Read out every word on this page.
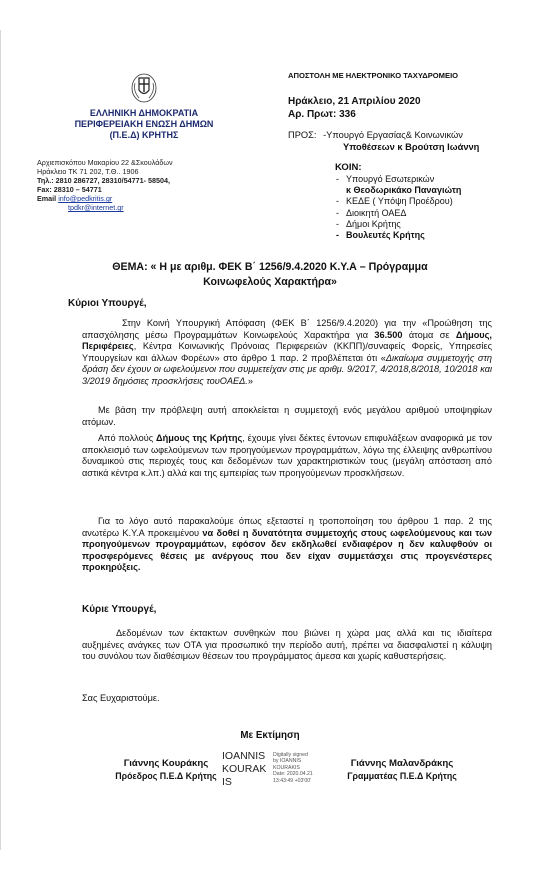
ΕΛΛΗΝΙΚΗ ΔΗΜΟΚΡΑΤΙΑ
ΠΕΡΙΦΕΡΕΙΑΚΗ ΕΝΩΣΗ ΔΗΜΩΝ
(Π.Ε.Δ) ΚΡΗΤΗΣ
Αρχιεπισκόπου Μακαρίου 22 &Σκουλάδων
Ηράκλειο ΤΚ 71 202, Τ.Θ.. 1906
Τηλ.: 2810 286727, 28310/54771- 58504,
Fax: 28310 – 54771
Email info@pedkritis.gr
tpdkr@internet.gr
ΑΠΟΣΤΟΛΗ ΜΕ ΗΛΕΚΤΡΟΝΙΚΟ ΤΑΧΥΔΡΟΜΕΙΟ
Ηράκλειο, 21 Απριλίου 2020
Αρ. Πρωτ: 336
ΠΡΟΣ: -Υπουργό Εργασίας& Κοινωνικών
Υποθέσεων κ Βρούτση Ιωάννη
ΚΟΙΝ:
- Υπουργό Εσωτερικών
κ Θεοδωρικάκο Παναγιώτη
- ΚΕΔΕ ( Υπόψη Προέδρου)
- Διοικητή ΟΑΕΔ
- Δήμοι Κρήτης
- Βουλευτές Κρήτης
ΘΕΜΑ: « Η με αριθμ. ΦΕΚ Β΄ 1256/9.4.2020 Κ.Υ.Α – Πρόγραμμα
Κοινωφελούς Χαρακτήρα»
Κύριοι Υπουργέ,

Στην Κοινή Υπουργική Απόφαση (ΦΕΚ Β΄ 1256/9.4.2020) για την «Προώθηση της απασχόλησης μέσω Προγραμμάτων Κοινωφελούς Χαρακτήρα για 36.500 άτομα σε Δήμους, Περιφέρειες, Κέντρα Κοινωνικής Πρόνοιας Περιφερειών (ΚΚΠΠ)/συναφείς Φορείς, Υπηρεσίες Υπουργείων και άλλων Φορέων» στο άρθρο 1 παρ. 2 προβλέπεται ότι «Δικαίωμα συμμετοχής στη δράση δεν έχουν οι ωφελούμενοι που συμμετείχαν στις με αριθμ. 9/2017, 4/2018,8/2018, 10/2018 και 3/2019 δημόσιες προσκλήσεις τουΟΑΕΔ.»

Με βάση την πρόβλεψη αυτή αποκλείεται η συμμετοχή ενός μεγάλου αριθμού υποψηφίων ατόμων.

Από πολλούς Δήμους της Κρήτης, έχουμε γίνει δέκτες έντονων επιφυλάξεων αναφορικά με τον αποκλεισμό των ωφελούμενων των προηγούμενων προγραμμάτων, λόγω της έλλειψης ανθρωπίνου δυναμικού στις περιοχές τους και δεδομένων των χαρακτηριστικών τους (μεγάλη απόσταση από αστικά κέντρα κ.λπ.) αλλά και της εμπειρίας των προηγούμενων προσκλήσεων.

Για το λόγο αυτό παρακαλούμε όπως εξεταστεί η τροποποίηση του άρθρου 1 παρ. 2 της ανωτέρω Κ.Υ.Α προκειμένου να δοθεί η δυνατότητα συμμετοχής στους ωφελούμενους και των προηγούμενων προγραμμάτων, εφόσον δεν εκδηλωθεί ενδιαφέρον η δεν καλυφθούν οι προσφερόμενες θέσεις με ανέργους που δεν είχαν συμμετάσχει στις προγενέστερες προκηρύξεις.

Κύριε Υπουργέ,

Δεδομένων των έκτακτων συνθηκών που βιώνει η χώρα μας αλλά και τις ιδιαίτερα αυξημένες ανάγκες των ΟΤΑ για προσωπικό την περίοδο αυτή, πρέπει να διασφαλιστεί η κάλυψη του συνόλου των διαθέσιμων θέσεων του προγράμματος άμεσα και χωρίς καθυστερήσεις.

Σας Ευχαριστούμε.
Με Εκτίμηση
Γιάννης Κουράκης
Πρόεδρος Π.Ε.Δ Κρήτης
IOANNIS
KOURAK
IS
Digitally signed
by IOANNIS
KOURAKIS
Date: 2020.04.21
13:43:49 +03'00'
Γιάννης Μαλανδράκης
Γραμματέας Π.Ε.Δ Κρήτης
